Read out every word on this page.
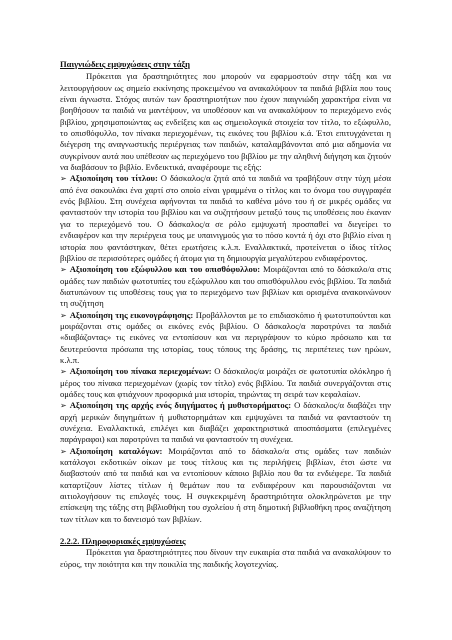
Παιγνιώδεις εμψυχώσεις στην τάξη

Πρόκειται για δραστηριότητες που μπορούν να εφαρμοστούν στην τάξη και να λειτουργήσουν ως σημείο εκκίνησης προκειμένου να ανακαλύψουν τα παιδιά βιβλία που τους είναι άγνωστα. Στόχος αυτών των δραστηριοτήτων που έχουν παιγνιώδη χαρακτήρα είναι να βοηθήσουν τα παιδιά να μαντέψουν, να υποθέσουν και να ανακαλύψουν το περιεχόμενο ενός βιβλίου, χρησιμοποιώντας ως ενδείξεις και ως σημειολογικά στοιχεία τον τίτλο, το εξώφυλλο, το οπισθόφυλλο, τον πίνακα περιεχομένων, τις εικόνες του βιβλίου κ.ά. Έτσι επιτυγχάνεται η διέγερση της αναγνωστικής περιέργειας των παιδιών, καταλαμβάνονται από μια αδημονία να συγκρίνουν αυτά που υπέθεσαν ως περιεχόμενο του βιβλίου με την αληθινή διήγηση και ζητούν να διαβάσουν το βιβλίο. Ενδεικτικά, αναφέρουμε τις εξής:

➢ Αξιοποίηση του τίτλου: Ο δάσκαλος/α ζητά από τα παιδιά να τραβήξουν στην τύχη μέσα από ένα σακουλάκι ένα χαρτί στο οποίο είναι γραμμένα ο τίτλος και το όνομα του συγγραφέα ενός βιβλίου. Στη συνέχεια αφήνονται τα παιδιά το καθένα μόνο του ή σε μικρές ομάδες να φανταστούν την ιστορία του βιβλίου και να συζητήσουν μεταξύ τους τις υποθέσεις που έκαναν για το περιεχόμενό του. Ο δάσκαλος/α σε ρόλο εμψυχωτή προσπαθεί να διεγείρει το ενδιαφέρον και την περιέργεια τους με υπαινιγμούς για το πόσο κοντά ή όχι στο βιβλίο είναι η ιστορία που φαντάστηκαν, θέτει ερωτήσεις κ.λ.π. Εναλλακτικά, προτείνεται ο ίδιος τίτλος βιβλίου σε περισσότερες ομάδες ή άτομα για τη δημιουργία μεγαλύτερου ενδιαφέροντος.

➢ Αξιοποίηση του εξώφυλλου και του οπισθόφυλλου: Μοιράζονται από το δάσκαλο/α στις ομάδες των παιδιών φωτοτυπίες του εξώφυλλου και του οπισθόφυλλου ενός βιβλίου. Τα παιδιά διατυπώνουν τις υποθέσεις τους για το περιεχόμενο των βιβλίων και ορισμένα ανακοινώνουν τη συζήτηση

➢ Αξιοποίηση της εικονογράφησης: Προβάλλονται με το επιδιασκόπιο ή φωτοτυπούνται και μοιράζονται στις ομάδες οι εικόνες ενός βιβλίου. Ο δάσκαλος/α παροτρύνει τα παιδιά «διαβάζοντας» τις εικόνες να εντοπίσουν και να περιγράψουν το κύριο πρόσωπο και τα δευτερεύοντα πρόσωπα της ιστορίας, τους τόπους της δράσης, τις περιπέτειες των ηρώων, κ.λ.π.

➢ Αξιοποίηση του πίνακα περιεχομένων: Ο δάσκαλος/α μοιράζει σε φωτοτυπία ολόκληρο ή μέρος του πίνακα περιεχομένων (χωρίς τον τίτλο) ενός βιβλίου. Τα παιδιά συνεργάζονται στις ομάδες τους και φτιάχνουν προφορικά μια ιστορία, τηρώντας τη σειρά των κεφαλαίων.

➢ Αξιοποίηση της αρχής ενός διηγήματος ή μυθιστορήματος: Ο δάσκαλος/α διαβάζει την αρχή μερικών διηγημάτων ή μυθιστορημάτων και εμψυχώνει τα παιδιά να φανταστούν τη συνέχεια. Εναλλακτικά, επιλέγει και διαβάζει χαρακτηριστικά αποσπάσματα (επιλεγμένες παράγραφοι) και παροτρύνει τα παιδιά να φανταστούν τη συνέχεια.

➢ Αξιοποίηση καταλόγων: Μοιράζονται από το δάσκαλο/α στις ομάδες των παιδιών κατάλογοι εκδοτικών οίκων με τους τίτλους και τις περιλήψεις βιβλίων, έτσι ώστε να διαβαστούν από τα παιδιά και να εντοπίσουν κάποιο βιβλίο που θα τα ενδιέφερε. Τα παιδιά καταρτίζουν λίστες τίτλων ή θεμάτων που τα ενδιαφέρουν και παρουσιάζονται να αιτιολογήσουν τις επιλογές τους. Η συγκεκριμένη δραστηριότητα ολοκληρώνεται με την επίσκεψη της τάξης στη βιβλιοθήκη του σχολείου ή στη δημοτική βιβλιοθήκη προς αναζήτηση των τίτλων και το δανεισμό των βιβλίων.

2.2.2. Πληροφοριακές εμψυχώσεις

Πρόκειται για δραστηριότητες που δίνουν την ευκαιρία στα παιδιά να ανακαλύψουν το εύρος, την ποιότητα και την ποικιλία της παιδικής λογοτεχνίας.
